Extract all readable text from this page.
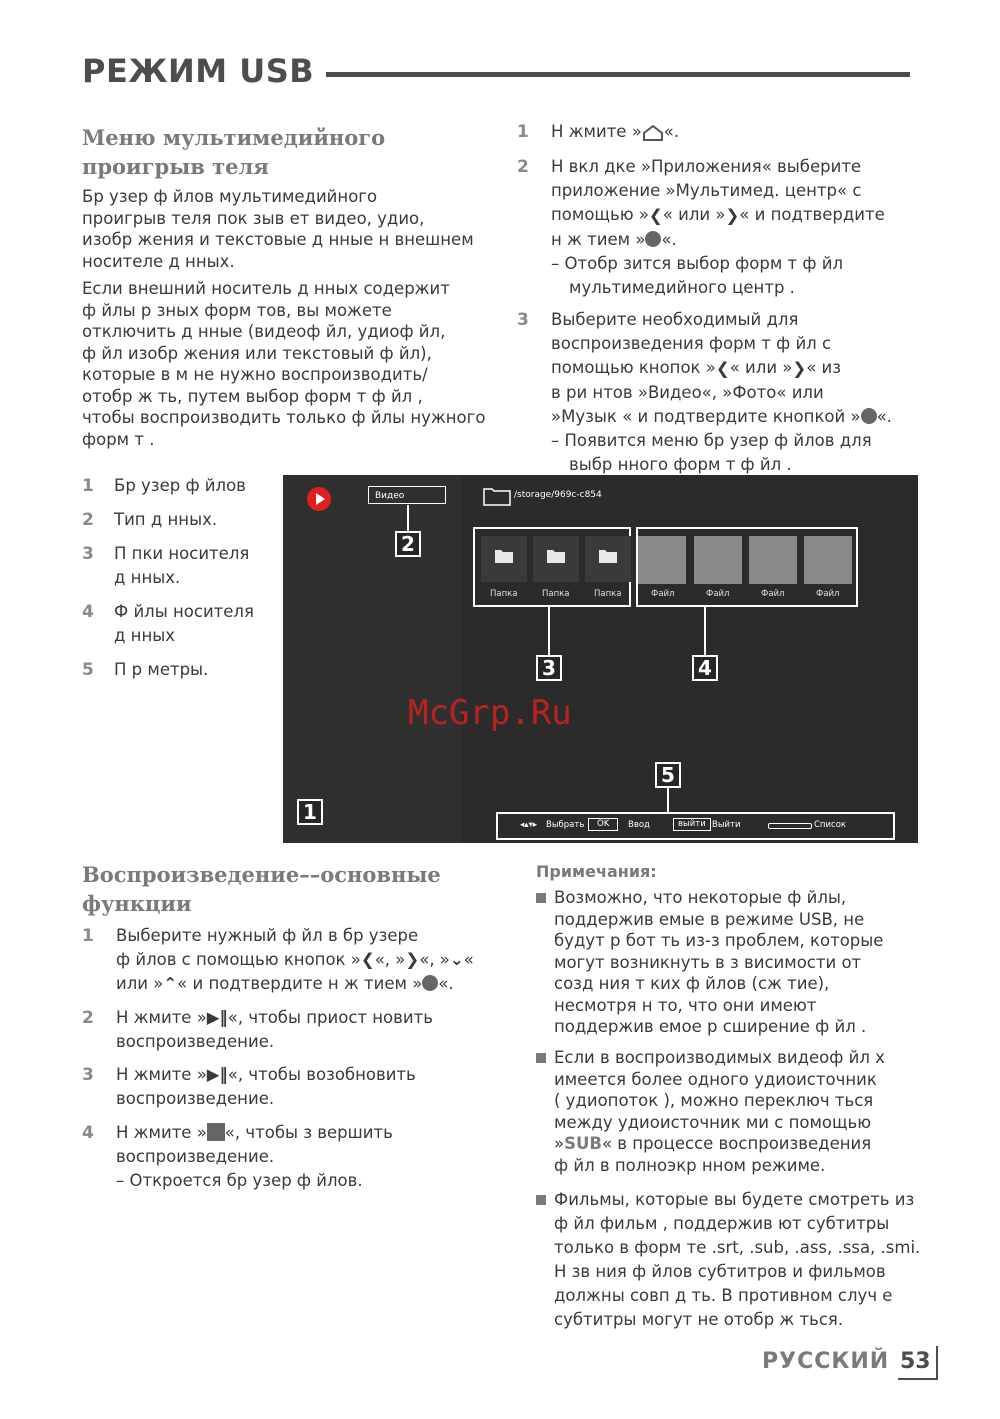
РЕЖИМ USB
Меню мультимедийного
проигрыв теля
Бр узер ф йлов мультимедийного
проигрыв теля пок зыв ет видео, удио,
изобр жения и текстовые д нные н внешнем
носителе д нных.
Если внешний носитель д нных содержит
ф йлы р зных форм тов, вы можете
отключить д нные (видеоф йл, удиоф йл,
ф йл изобр жения или текстовый ф йл),
которые в м не нужно воспроизводить/
отобр ж ть, путем выбор форм т ф йл ,
чтобы воспроизводить только ф йлы нужного
форм т .
1 Бр узер ф йлов
2 Тип д нных.
3 П пки носителя
д нных.
4 Ф йлы носителя
д нных
5 П р метры.
1 Н жмите » «.
2 Н вкл дке »Приложения« выберите
приложение »Мультимед. центр« с
помощью »❮« или »❯« и подтвердите
н ж тием » «.
– Отобр зится выбор форм т ф йл
мультимедийного центр .
3 Выберите необходимый для
воспроизведения форм т ф йл с
помощью кнопок »❮« или »❯« из
в ри нтов »Видео«, »Фото« или
»Музык « и подтвердите кнопкой » «.
– Появится меню бр узер ф йлов для
выбр нного форм т ф йл .
Видео
2
/storage/969c-c854
Папка	Папка	Папка
3
Файл	Файл	Файл	Файл
4
McGrp.Ru
5
◂▴▾▸ Выбрать	OK	Ввод	выйти Выйти	Список
1
Воспроизведение––основные
функции
1 Выберите нужный ф йл в бр узере
ф йлов с помощью кнопок »❮«, »❯«, »⌄«
или »⌃« и подтвердите н ж тием » «.
2 Н жмите »▶‖«, чтобы приост новить
воспроизведение.
3 Н жмите »▶‖«, чтобы возобновить
воспроизведение.
4 Н жмите » «, чтобы з вершить
воспроизведение.
– Откроется бр узер ф йлов.
Примечания:
Возможно, что некоторые ф йлы,
поддержив емые в режиме USB, не
будут р бот ть из-з проблем, которые
могут возникнуть в з висимости от
созд ния т ких ф йлов (сж тие),
несмотря н то, что они имеют
поддержив емое р сширение ф йл .
Если в воспроизводимых видеоф йл х
имеется более одного удиоисточник
( удиопоток ), можно переключ ться
между удиоисточник ми с помощью
»SUB« в процессе воспроизведения
ф йл в полноэкр нном режиме.
Фильмы, которые вы будете смотреть из
ф йл фильм , поддержив ют субтитры
только в форм те .srt, .sub, .ass, .ssa, .smi.
Н зв ния ф йлов субтитров и фильмов
должны совп д ть. В противном случ е
субтитры могут не отобр ж ться.
РУССКИЙ 53
